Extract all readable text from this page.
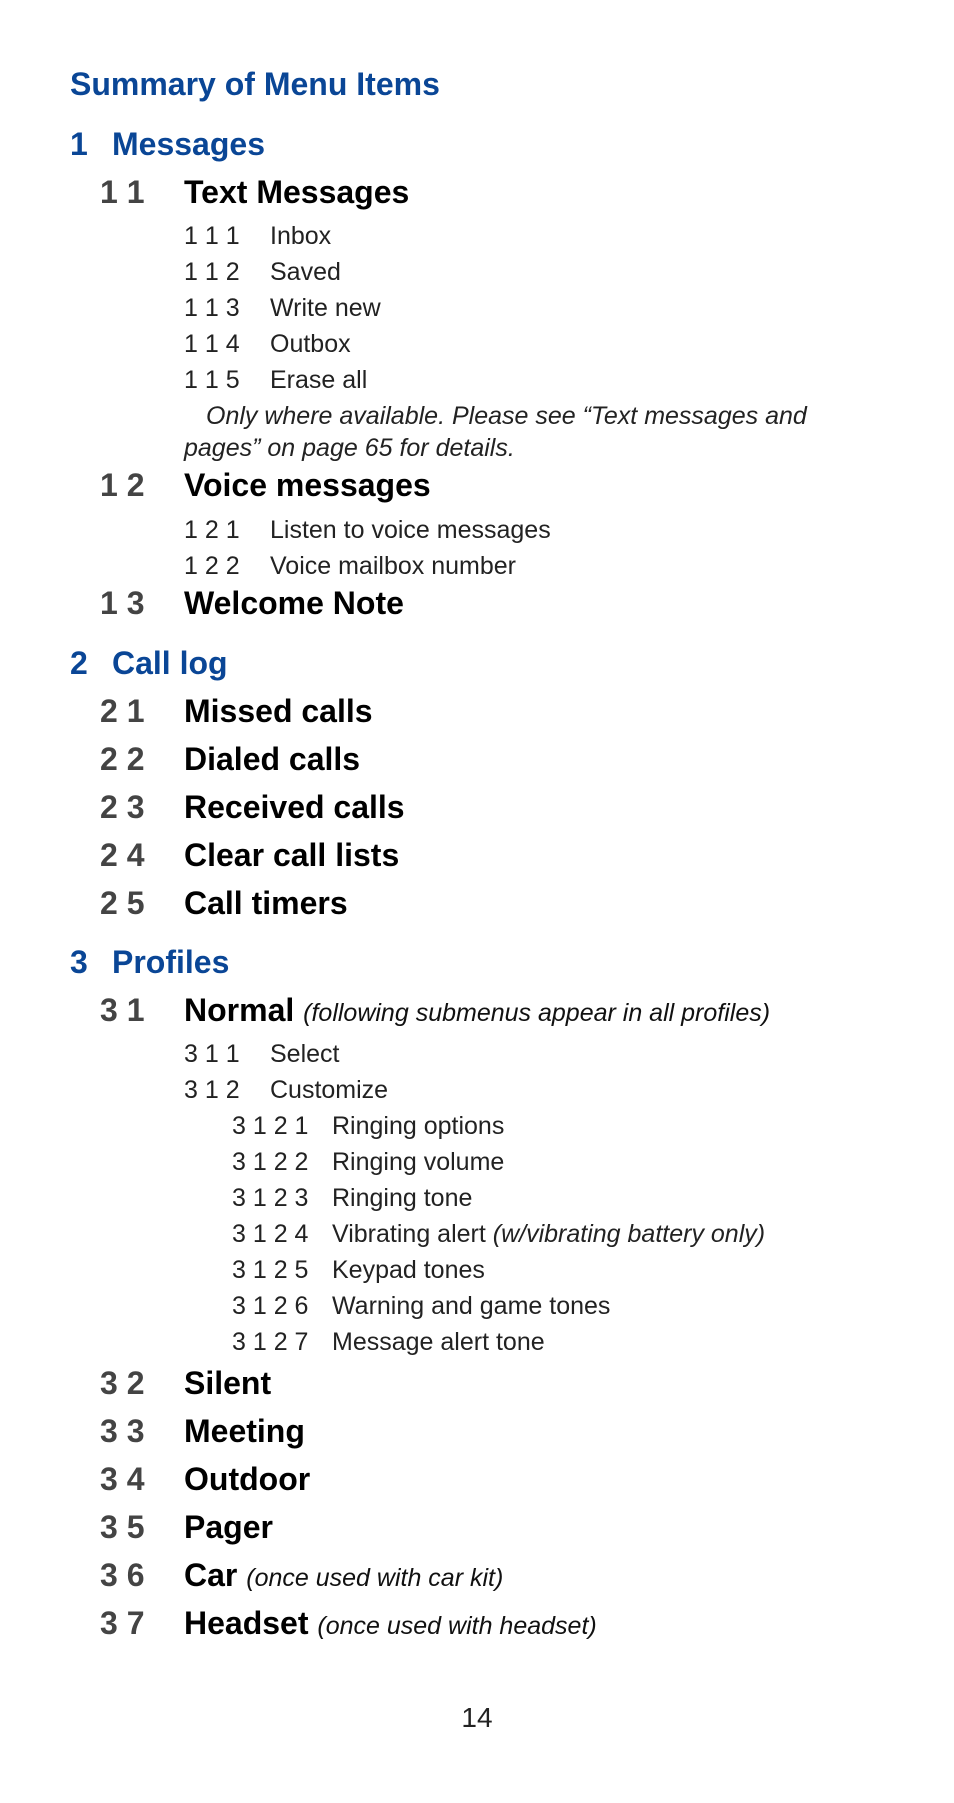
Summary of Menu Items
1 Messages
1 1 Text Messages
1 1 1 Inbox
1 1 2 Saved
1 1 3 Write new
1 1 4 Outbox
1 1 5 Erase all
Only where available. Please see “Text messages and pages” on page 65 for details.
1 2 Voice messages
1 2 1 Listen to voice messages
1 2 2 Voice mailbox number
1 3 Welcome Note
2 Call log
2 1 Missed calls
2 2 Dialed calls
2 3 Received calls
2 4 Clear call lists
2 5 Call timers
3 Profiles
3 1 Normal (following submenus appear in all profiles)
3 1 1 Select
3 1 2 Customize
3 1 2 1 Ringing options
3 1 2 2 Ringing volume
3 1 2 3 Ringing tone
3 1 2 4 Vibrating alert (w/vibrating battery only)
3 1 2 5 Keypad tones
3 1 2 6 Warning and game tones
3 1 2 7 Message alert tone
3 2 Silent
3 3 Meeting
3 4 Outdoor
3 5 Pager
3 6 Car (once used with car kit)
3 7 Headset (once used with headset)
14
